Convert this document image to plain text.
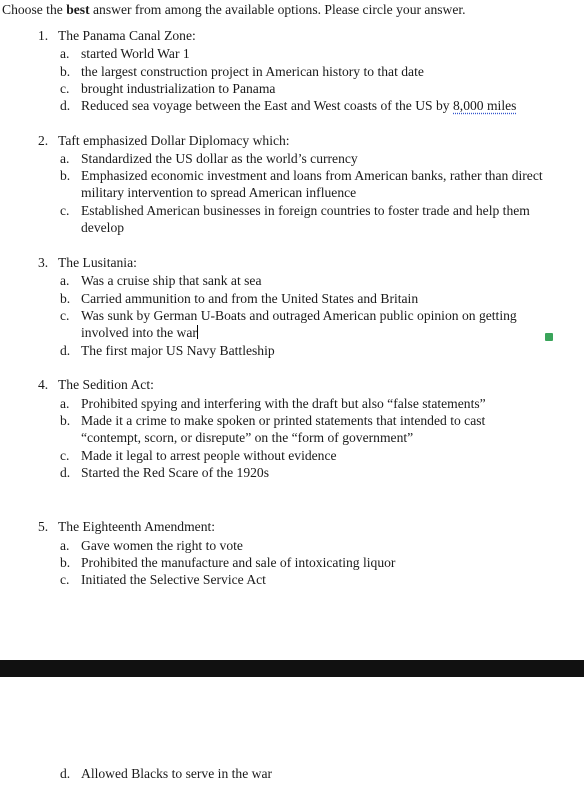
Choose the best answer from among the available options. Please circle your answer.
1. The Panama Canal Zone:
a. started World War 1
b. the largest construction project in American history to that date
c. brought industrialization to Panama
d. Reduced sea voyage between the East and West coasts of the US by 8,000 miles
2. Taft emphasized Dollar Diplomacy which:
a. Standardized the US dollar as the world’s currency
b. Emphasized economic investment and loans from American banks, rather than direct military intervention to spread American influence
c. Established American businesses in foreign countries to foster trade and help them develop
3. The Lusitania:
a. Was a cruise ship that sank at sea
b. Carried ammunition to and from the United States and Britain
c. Was sunk by German U-Boats and outraged American public opinion on getting involved into the war
d. The first major US Navy Battleship
4. The Sedition Act:
a. Prohibited spying and interfering with the draft but also “false statements”
b. Made it a crime to make spoken or printed statements that intended to cast “contempt, scorn, or disrepute” on the “form of government”
c. Made it legal to arrest people without evidence
d. Started the Red Scare of the 1920s
5. The Eighteenth Amendment:
a. Gave women the right to vote
b. Prohibited the manufacture and sale of intoxicating liquor
c. Initiated the Selective Service Act
d. Allowed Blacks to serve in the war
